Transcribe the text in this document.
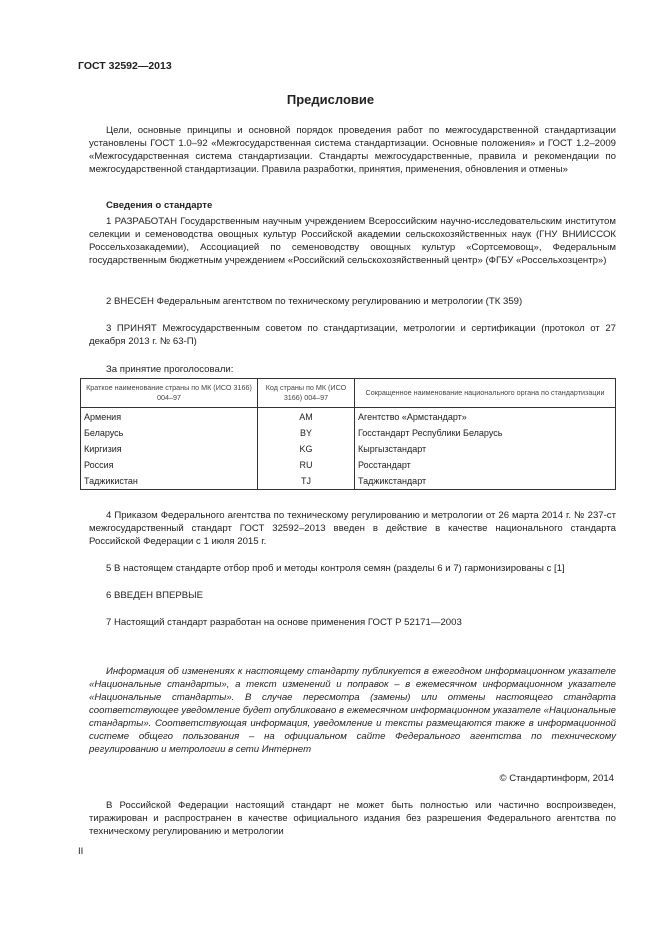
ГОСТ 32592—2013
Предисловие

Цели, основные принципы и основной порядок проведения работ по межгосударственной стандартизации установлены ГОСТ 1.0–92 «Межгосударственная система стандартизации. Основные положения» и ГОСТ 1.2–2009 «Межгосударственная система стандартизации. Стандарты межгосударственные, правила и рекомендации по межгосударственной стандартизации. Правила разработки, принятия, применения, обновления и отмены»

Сведения о стандарте

1 РАЗРАБОТАН Государственным научным учреждением Всероссийским научно-исследовательским институтом селекции и семеноводства овощных культур Российской академии сельскохозяйственных наук (ГНУ ВНИИССОК Россельхозакадемии), Ассоциацией по семеноводству овощных культур «Сортсемовощ», Федеральным государственным бюджетным учреждением «Российский сельскохозяйственный центр» (ФГБУ «Россельхозцентр»)

2 ВНЕСЕН Федеральным агентством по техническому регулированию и метрологии (ТК 359)

3 ПРИНЯТ Межгосударственным советом по стандартизации, метрологии и сертификации (протокол от 27 декабря 2013 г. № 63-П)

За принятие проголосовали:
Краткое наименование страны по МК (ИСО 3166) 004–97	Код страны по МК (ИСО 3166) 004–97	Сокращенное наименование национального органа по стандартизации
Армения	AM	Агентство «Армстандарт»
Беларусь	BY	Госстандарт Республики Беларусь
Киргизия	KG	Кыргызстандарт
Россия	RU	Росстандарт
Таджикистан	TJ	Таджикстандарт

4 Приказом Федерального агентства по техническому регулированию и метрологии от 26 марта 2014 г. № 237-ст межгосударственный стандарт ГОСТ 32592–2013 введен в действие в качестве национального стандарта Российской Федерации с 1 июля 2015 г.

5 В настоящем стандарте отбор проб и методы контроля семян (разделы 6 и 7) гармонизированы с [1]

6 ВВЕДЕН ВПЕРВЫЕ

7 Настоящий стандарт разработан на основе применения ГОСТ Р 52171—2003

Информация об изменениях к настоящему стандарту публикуется в ежегодном информационном указателе «Национальные стандарты», а текст изменений и поправок – в ежемесячном информационном указателе «Национальные стандарты». В случае пересмотра (замены) или отмены настоящего стандарта соответствующее уведомление будет опубликовано в ежемесячном информационном указателе «Национальные стандарты». Соответствующая информация, уведомление и тексты размещаются также в информационной системе общего пользования – на официальном сайте Федерального агентства по техническому регулированию и метрологии в сети Интернет

© Стандартинформ, 2014

В Российской Федерации настоящий стандарт не может быть полностью или частично воспроизведен, тиражирован и распространен в качестве официального издания без разрешения Федерального агентства по техническому регулированию и метрологии

II
